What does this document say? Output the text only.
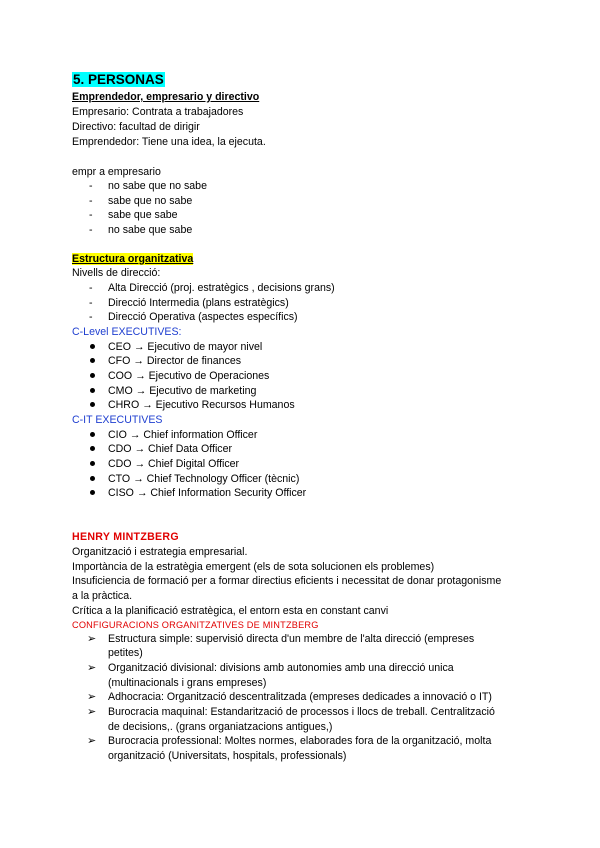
5. PERSONAS
Emprendedor, empresario y directivo
Empresario: Contrata a trabajadores
Directivo: facultad de dirigir
Emprendedor: Tiene una idea, la ejecuta.
empr a empresario
- no sabe que no sabe
- sabe que no sabe
- sabe que sabe
- no sabe que sabe
Estructura organitzativa
Nivells de direcció:
- Alta Direcció (proj. estratègics , decisions grans)
- Direcció Intermedia (plans estratègics)
- Direcció Operativa (aspectes específics)
C-Level EXECUTIVES:
CEO → Ejecutivo de mayor nivel
CFO → Director de finances
COO → Ejecutivo de Operaciones
CMO → Ejecutivo de marketing
CHRO → Ejecutivo Recursos Humanos
C-IT EXECUTIVES
CIO → Chief information Officer
CDO → Chief Data Officer
CDO → Chief Digital Officer
CTO → Chief Technology Officer (tècnic)
CISO → Chief Information Security Officer
HENRY MINTZBERG
Organització i estrategia empresarial.
Importància de la estratègia emergent (els de sota solucionen els problemes)
Insuficiencia de formació per a formar directius eficients i necessitat de donar protagonisme
a la pràctica.
Crítica a la planificació estratègica, el entorn esta en constant canvi
CONFIGURACIONS ORGANITZATIVES DE MINTZBERG
➢ Estructura simple: supervisió directa d'un membre de l'alta direcció (empreses
petites)
➢ Organització divisional: divisions amb autonomies amb una direcció unica
(multinacionals i grans empreses)
➢ Adhocracia: Organització descentralitzada (empreses dedicades a innovació o IT)
➢ Burocracia maquinal: Estandarització de processos i llocs de treball. Centralització
de decisions,. (grans organiatzacions antigues,)
➢ Burocracia professional: Moltes normes, elaborades fora de la organització, molta
organització (Universitats, hospitals, professionals)
